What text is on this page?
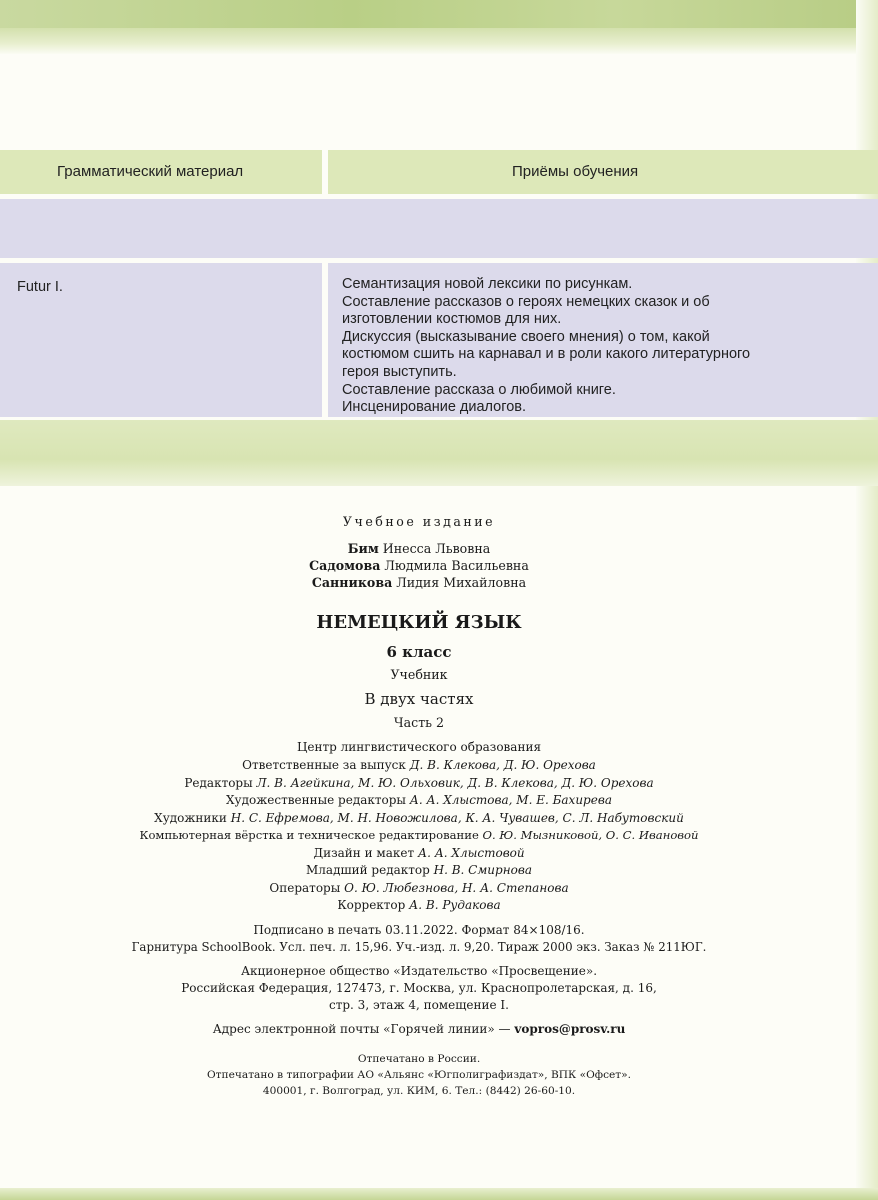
Грамматический материал	Приёмы обучения
Futur I.	Семантизация новой лексики по рисункам.
Составление рассказов о героях немецких сказок и об
изготовлении костюмов для них.
Дискуссия (высказывание своего мнения) о том, какой
костюмом сшить на карнавал и в роли какого литературного
героя выступить.
Составление рассказа о любимой книге.
Инсценирование диалогов.
Учебное издание
Бим Инесса Львовна
Садомова Людмила Васильевна
Санникова Лидия Михайловна
НЕМЕЦКИЙ ЯЗЫК
6 класс
Учебник
В двух частях
Часть 2
Центр лингвистического образования
Ответственные за выпуск Д. В. Клекова, Д. Ю. Орехова
Редакторы Л. В. Агейкина, М. Ю. Ольховик, Д. В. Клекова, Д. Ю. Орехова
Художественные редакторы А. А. Хлыстова, М. Е. Бахирева
Художники Н. С. Ефремова, М. Н. Новожилова, К. А. Чувашев, С. Л. Набутовский
Компьютерная вёрстка и техническое редактирование О. Ю. Мызниковой, О. С. Ивановой
Дизайн и макет А. А. Хлыстовой
Младший редактор Н. В. Смирнова
Операторы О. Ю. Любезнова, Н. А. Степанова
Корректор А. В. Рудакова
Подписано в печать 03.11.2022. Формат 84×108/16.
Гарнитура SchoolBook. Усл. печ. л. 15,96. Уч.-изд. л. 9,20. Тираж 2000 экз. Заказ № 211ЮГ.
Акционерное общество «Издательство «Просвещение».
Российская Федерация, 127473, г. Москва, ул. Краснопролетарская, д. 16,
стр. 3, этаж 4, помещение I.
Адрес электронной почты «Горячей линии» — vopros@prosv.ru
Отпечатано в России.
Отпечатано в типографии АО «Альянс «Югполиграфиздат», ВПК «Офсет».
400001, г. Волгоград, ул. КИМ, 6. Тел.: (8442) 26-60-10.
